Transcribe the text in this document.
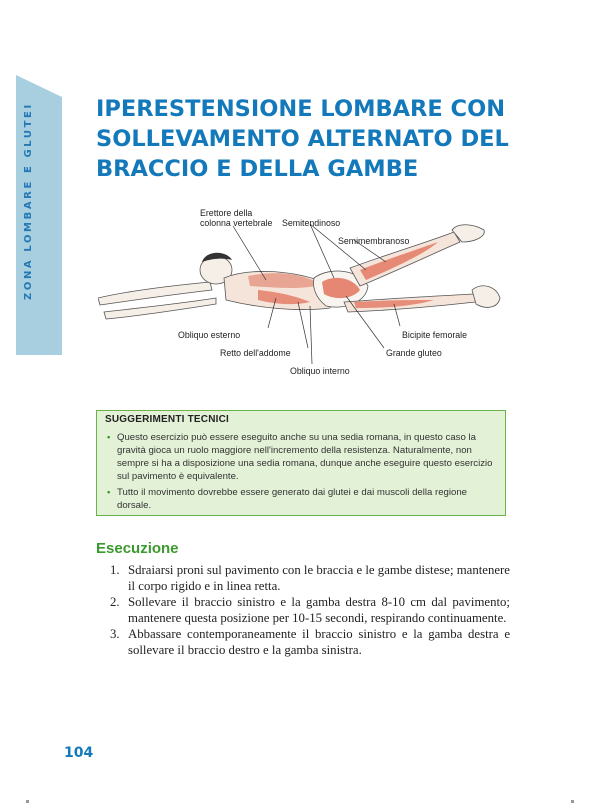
ZONA LOMBARE E GLUTEI	IPERESTENSIONE LOMBARE CON
SOLLEVAMENTO ALTERNATO DEL
BRACCIO E DELLA GAMBE
Erettore della
colonna vertebrale Semitendinoso
Semimembranoso
Obliquo esterno
Retto dell'addome
Obliquo interno
Bicipite femorale
Grande gluteo

SUGGERIMENTI TECNICI

• Questo esercizio può essere eseguito anche su una sedia romana, in questo caso la gravità gioca un ruolo maggiore nell'incremento della resistenza. Naturalmente, non sempre si ha a disposizione una sedia romana, dunque anche eseguire questo esercizio sul pavimento è equivalente.
• Tutto il movimento dovrebbe essere generato dai glutei e dai muscoli della regione dorsale.
Esecuzione
1. Sdraiarsi proni sul pavimento con le braccia e le gambe distese; mantenere il corpo rigido e in linea retta.
2. Sollevare il braccio sinistro e la gamba destra 8-10 cm dal pavimento; mantenere questa posizione per 10-15 secondi, respirando continuamente.
3. Abbassare contemporaneamente il braccio sinistro e la gamba destra e sollevare il braccio destro e la gamba sinistra.
104
